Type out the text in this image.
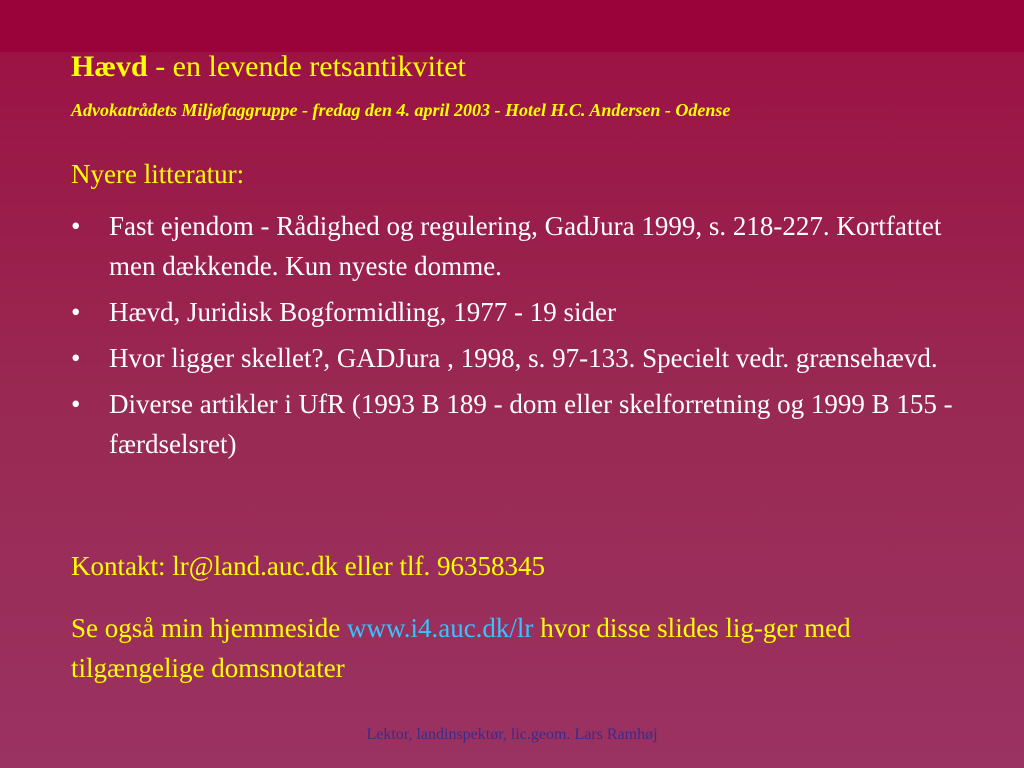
Hævd - en levende retsantikvitet
Advokatrådets Miljøfaggruppe - fredag den 4. april 2003 - Hotel H.C. Andersen - Odense
Nyere litteratur:
• Fast ejendom - Rådighed og regulering, GadJura 1999, s. 218-227. Kortfattet men dækkende. Kun nyeste domme.
• Hævd, Juridisk Bogformidling, 1977 - 19 sider
• Hvor ligger skellet?, GADJura , 1998, s. 97-133. Specielt vedr. grænsehævd.
• Diverse artikler i UfR (1993 B 189 - dom eller skelforretning og 1999 B 155 - færdselsret)
Kontakt: lr@land.auc.dk eller tlf. 96358345
Se også min hjemmeside www.i4.auc.dk/lr hvor disse slides lig-ger med tilgængelige domsnotater
Lektor, landinspektør, lic.geom. Lars Ramhøj
